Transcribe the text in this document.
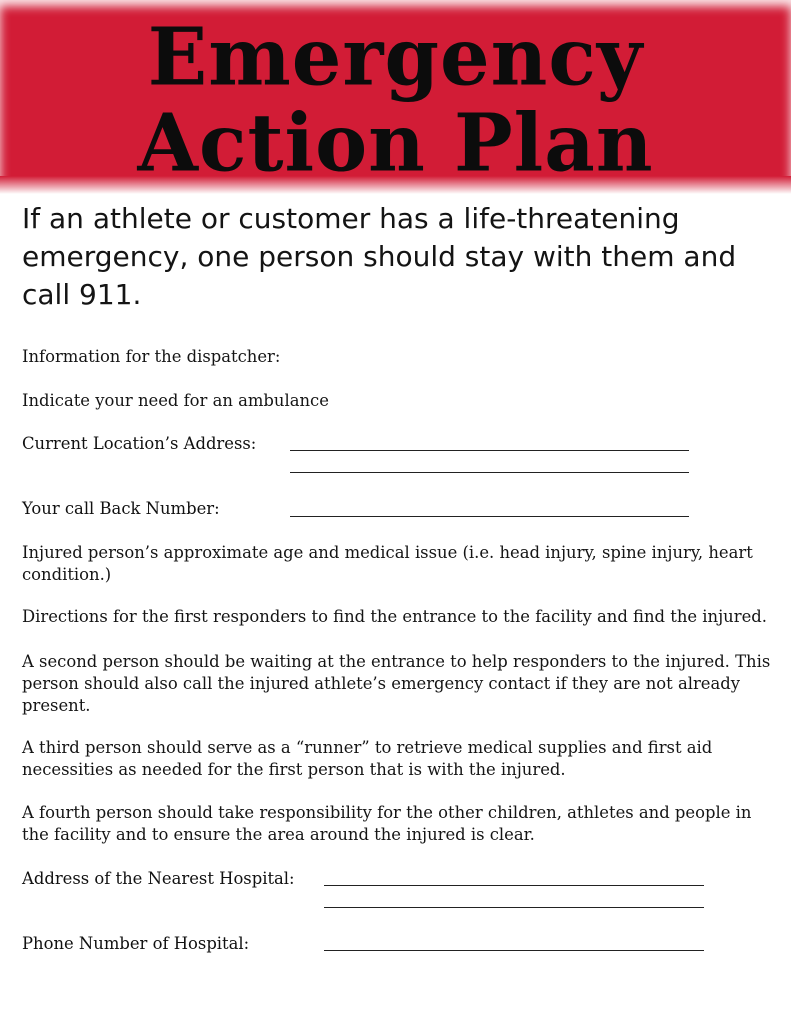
Emergency
Action Plan
If an athlete or customer has a life-threatening emergency, one person should stay with them and call 911.
Information for the dispatcher:
Indicate your need for an ambulance
Current Location’s Address:
Your call Back Number:
Injured person’s approximate age and medical issue (i.e. head injury, spine injury, heart condition.)
Directions for the first responders to find the entrance to the facility and find the injured.
A second person should be waiting at the entrance to help responders to the injured. This person should also call the injured athlete’s emergency contact if they are not already present.
A third person should serve as a “runner” to retrieve medical supplies and first aid necessities as needed for the first person that is with the injured.
A fourth person should take responsibility for the other children, athletes and people in the facility and to ensure the area around the injured is clear.
Address of the Nearest Hospital:
Phone Number of Hospital:
